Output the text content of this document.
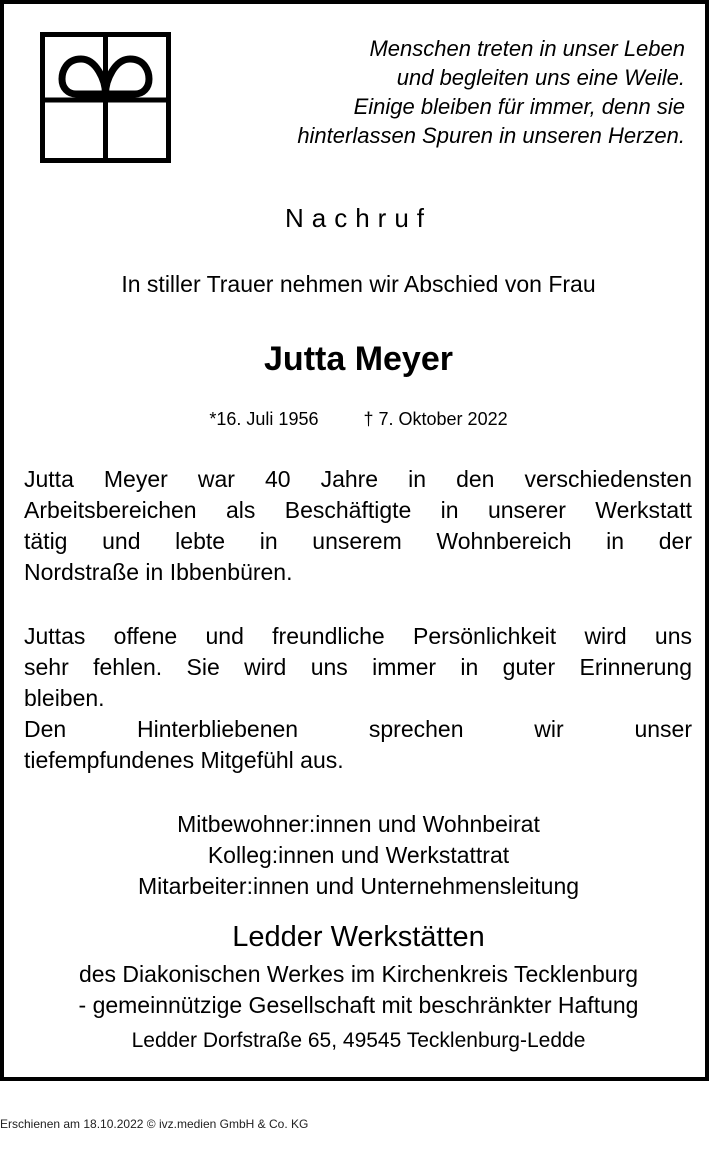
Menschen treten in unser Leben
und begleiten uns eine Weile.
Einige bleiben für immer, denn sie
hinterlassen Spuren in unseren Herzen.
Nachruf
In stiller Trauer nehmen wir Abschied von Frau
Jutta Meyer
*16. Juli 1956	† 7. Oktober 2022
Jutta Meyer war 40 Jahre in den verschiedensten
Arbeitsbereichen als Beschäftigte in unserer Werkstatt
tätig und lebte in unserem Wohnbereich in der
Nordstraße in Ibbenbüren.
Juttas offene und freundliche Persönlichkeit wird uns
sehr fehlen. Sie wird uns immer in guter Erinnerung
bleiben.
Den Hinterbliebenen sprechen wir unser
tiefempfundenes Mitgefühl aus.
Mitbewohner:innen und Wohnbeirat
Kolleg:innen und Werkstattrat
Mitarbeiter:innen und Unternehmensleitung
Ledder Werkstätten
des Diakonischen Werkes im Kirchenkreis Tecklenburg
- gemeinnützige Gesellschaft mit beschränkter Haftung
Ledder Dorfstraße 65, 49545 Tecklenburg-Ledde
Erschienen am 18.10.2022 © ivz.medien GmbH & Co. KG
